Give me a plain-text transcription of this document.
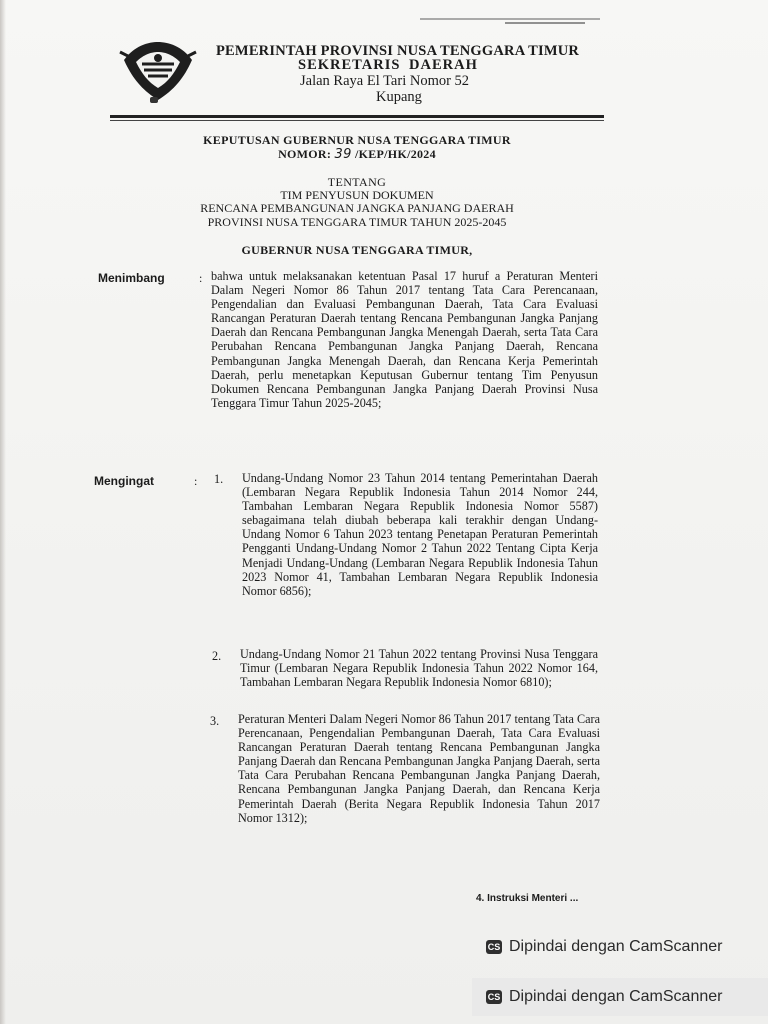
PEMERINTAH PROVINSI NUSA TENGGARA TIMUR
SEKRETARIS DAERAH
Jalan Raya El Tari Nomor 52
Kupang
KEPUTUSAN GUBERNUR NUSA TENGGARA TIMUR
NOMOR: 39 /KEP/HK/2024
TENTANG
TIM PENYUSUN DOKUMEN
RENCANA PEMBANGUNAN JANGKA PANJANG DAERAH
PROVINSI NUSA TENGGARA TIMUR TAHUN 2025-2045
GUBERNUR NUSA TENGGARA TIMUR,
Menimbang	: bahwa untuk melaksanakan ketentuan Pasal 17 huruf a Peraturan Menteri Dalam Negeri Nomor 86 Tahun 2017 tentang Tata Cara Perencanaan, Pengendalian dan Evaluasi Pembangunan Daerah, Tata Cara Evaluasi Rancangan Peraturan Daerah tentang Rencana Pembangunan Jangka Panjang Daerah dan Rencana Pembangunan Jangka Menengah Daerah, serta Tata Cara Perubahan Rencana Pembangunan Jangka Panjang Daerah, Rencana Pembangunan Jangka Menengah Daerah, dan Rencana Kerja Pemerintah Daerah, perlu menetapkan Keputusan Gubernur tentang Tim Penyusun Dokumen Rencana Pembangunan Jangka Panjang Daerah Provinsi Nusa Tenggara Timur Tahun 2025-2045;
Mengingat	: 1. Undang-Undang Nomor 23 Tahun 2014 tentang Pemerintahan Daerah (Lembaran Negara Republik Indonesia Tahun 2014 Nomor 244, Tambahan Lembaran Negara Republik Indonesia Nomor 5587) sebagaimana telah diubah beberapa kali terakhir dengan Undang-Undang Nomor 6 Tahun 2023 tentang Penetapan Peraturan Pemerintah Pengganti Undang-Undang Nomor 2 Tahun 2022 Tentang Cipta Kerja Menjadi Undang-Undang (Lembaran Negara Republik Indonesia Tahun 2023 Nomor 41, Tambahan Lembaran Negara Republik Indonesia Nomor 6856);
2. Undang-Undang Nomor 21 Tahun 2022 tentang Provinsi Nusa Tenggara Timur (Lembaran Negara Republik Indonesia Tahun 2022 Nomor 164, Tambahan Lembaran Negara Republik Indonesia Nomor 6810);
3. Peraturan Menteri Dalam Negeri Nomor 86 Tahun 2017 tentang Tata Cara Perencanaan, Pengendalian Pembangunan Daerah, Tata Cara Evaluasi Rancangan Peraturan Daerah tentang Rencana Pembangunan Jangka Panjang Daerah dan Rencana Pembangunan Jangka Panjang Daerah, serta Tata Cara Perubahan Rencana Pembangunan Jangka Panjang Daerah, Rencana Pembangunan Jangka Panjang Daerah, dan Rencana Kerja Pemerintah Daerah (Berita Negara Republik Indonesia Tahun 2017 Nomor 1312);
4. Instruksi Menteri ...
CS Dipindai dengan CamScanner
CS Dipindai dengan CamScanner
